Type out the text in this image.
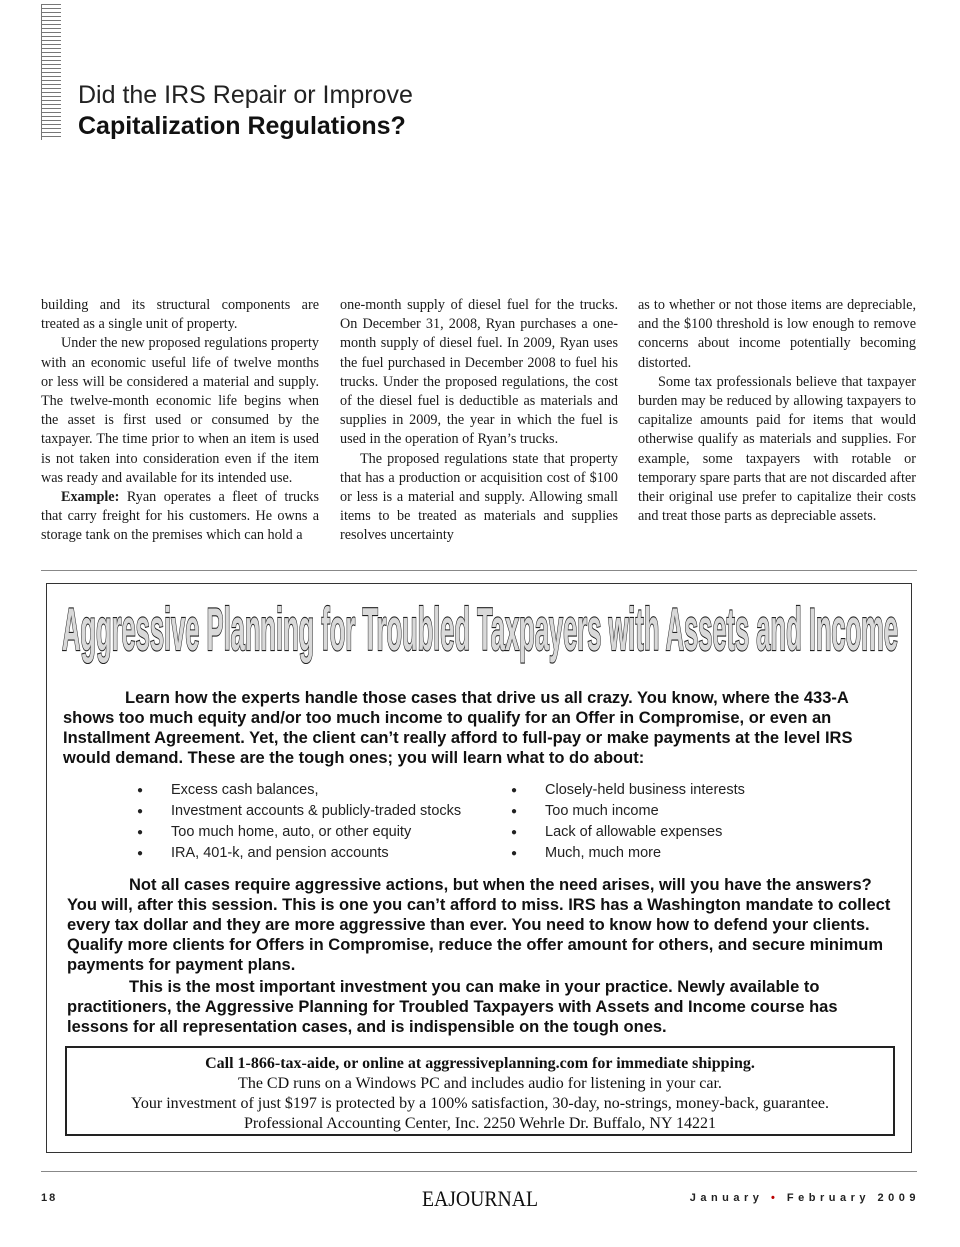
Did the IRS Repair or Improve
Capitalization Regulations?

building and its structural components are treated as a single unit of property.

Under the new proposed regulations property with an economic useful life of twelve months or less will be considered a material and supply. The twelve-month economic life begins when the asset is first used or consumed by the taxpayer. The time prior to when an item is used is not taken into consideration even if the item was ready and available for its intended use.

Example: Ryan operates a fleet of trucks that carry freight for his customers. He owns a storage tank on the premises which can hold a

one-month supply of diesel fuel for the trucks. On December 31, 2008, Ryan purchases a one-month supply of diesel fuel. In 2009, Ryan uses the fuel purchased in December 2008 to fuel his trucks. Under the proposed regulations, the cost of the diesel fuel is deductible as materials and supplies in 2009, the year in which the fuel is used in the operation of Ryan’s trucks.

The proposed regulations state that property that has a production or acquisition cost of $100 or less is a material and supply. Allowing small items to be treated as materials and supplies resolves uncertainty

as to whether or not those items are depreciable, and the $100 threshold is low enough to remove concerns about income potentially becoming distorted.

Some tax professionals believe that taxpayer burden may be reduced by allowing taxpayers to capitalize amounts paid for items that would otherwise qualify as materials and supplies. For example, some taxpayers with rotable or temporary spare parts that are not discarded after their original use prefer to capitalize their costs and treat those parts as depreciable assets.

Aggressive Planning for Troubled Taxpayers with Assets and Income
Learn how the experts handle those cases that drive us all crazy. You know, where the 433-A shows too much equity and/or too much income to qualify for an Offer in Compromise, or even an Installment Agreement. Yet, the client can’t really afford to full-pay or make payments at the level IRS would demand. These are the tough ones; you will learn what to do about:
● Excess cash balances,
● Investment accounts & publicly-traded stocks
● Too much home, auto, or other equity
● IRA, 401-k, and pension accounts
● Closely-held business interests
● Too much income
● Lack of allowable expenses
● Much, much more

Not all cases require aggressive actions, but when the need arises, will you have the answers? You will, after this session. This is one you can’t afford to miss. IRS has a Washington mandate to collect every tax dollar and they are more aggressive than ever. You need to know how to defend your clients. Qualify more clients for Offers in Compromise, reduce the offer amount for others, and secure minimum payments for payment plans.

This is the most important investment you can make in your practice. Newly available to practitioners, the Aggressive Planning for Troubled Taxpayers with Assets and Income course has lessons for all representation cases, and is indispensible on the tough ones.

Call 1-866-tax-aide, or online at aggressiveplanning.com for immediate shipping.
The CD runs on a Windows PC and includes audio for listening in your car.
Your investment of just $197 is protected by a 100% satisfaction, 30-day, no-strings, money-back, guarantee.
Professional Accounting Center, Inc. 2250 Wehrle Dr. Buffalo, NY 14221
18	EAJOURNAL	January • February 2009
